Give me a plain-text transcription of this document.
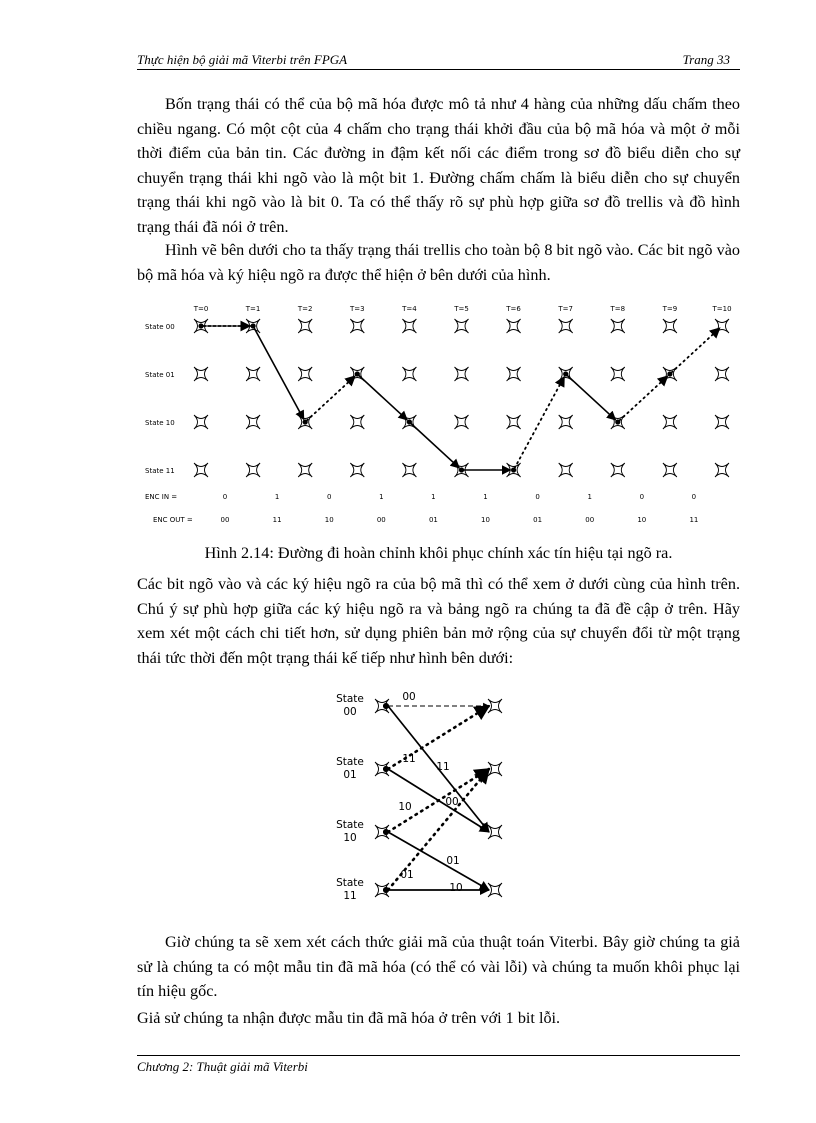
Thực hiện bộ giải mã Viterbi trên FPGA	Trang 33

Bốn trạng thái có thể của bộ mã hóa được mô tả như 4 hàng của những dấu chấm theo chiều ngang. Có một cột của 4 chấm cho trạng thái khởi đầu của bộ mã hóa và một ở mỗi thời điểm của bản tin. Các đường in đậm kết nối các điểm trong sơ đồ biểu diễn cho sự chuyển trạng thái khi ngõ vào là một bit 1. Đường chấm chấm là biểu diễn cho sự chuyển trạng thái khi ngõ vào là bit 0. Ta có thể thấy rõ sự phù hợp giữa sơ đồ trellis và đồ hình trạng thái đã nói ở trên.

Hình vẽ bên dưới cho ta thấy trạng thái trellis cho toàn bộ 8 bit ngõ vào. Các bit ngõ vào bộ mã hóa và ký hiệu ngõ ra được thể hiện ở bên dưới của hình.

T=0	T=1	T=2	T=3	T=4	T=5	T=6	T=7	T=8	T=9	T=10
State 00
State 01
State 10
State 11
ENC IN =
ENC OUT =
0	1	0	1	1	1	0	1	0	0
00	11	10	00	01	10	01	00	10	11
Hình 2.14: Đường đi hoàn chỉnh khôi phục chính xác tín hiệu tại ngõ ra.

Các bit ngõ vào và các ký hiệu ngõ ra của bộ mã thì có thể xem ở dưới cùng của hình trên. Chú ý sự phù hợp giữa các ký hiệu ngõ ra và bảng ngõ ra chúng ta đã đề cập ở trên. Hãy xem xét một cách chi tiết hơn, sử dụng phiên bản mở rộng của sự chuyển đổi từ một trạng thái tức thời đến một trạng thái kế tiếp như hình bên dưới:

State
00
State
01
State
10
State
11
00
11
11
00
10
01
01
10

Giờ chúng ta sẽ xem xét cách thức giải mã của thuật toán Viterbi. Bây giờ chúng ta giả sử là chúng ta có một mẫu tin đã mã hóa (có thể có vài lỗi) và chúng ta muốn khôi phục lại tín hiệu gốc.

Giả sử chúng ta nhận được mẫu tin đã mã hóa ở trên với 1 bit lỗi.

Chương 2: Thuật giải mã Viterbi
